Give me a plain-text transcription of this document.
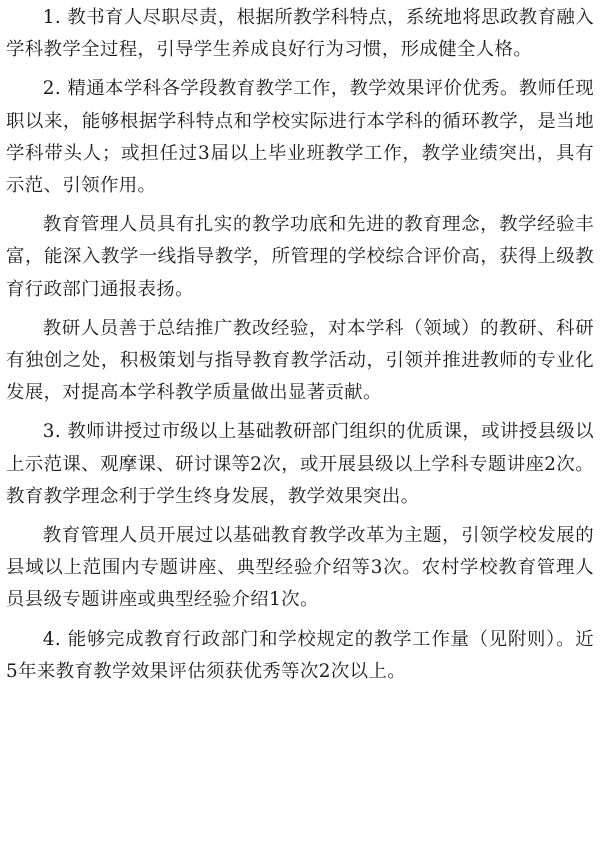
1. 教书育人尽职尽责，根据所教学科特点，系统地将思政教育融入学科教学全过程，引导学生养成良好行为习惯，形成健全人格。

2. 精通本学科各学段教育教学工作，教学效果评价优秀。教师任现职以来，能够根据学科特点和学校实际进行本学科的循环教学，是当地学科带头人；或担任过3届以上毕业班教学工作，教学业绩突出，具有示范、引领作用。

教育管理人员具有扎实的教学功底和先进的教育理念，教学经验丰富，能深入教学一线指导教学，所管理的学校综合评价高，获得上级教育行政部门通报表扬。

教研人员善于总结推广教改经验，对本学科（领域）的教研、科研有独创之处，积极策划与指导教育教学活动，引领并推进教师的专业化发展，对提高本学科教学质量做出显著贡献。

3. 教师讲授过市级以上基础教研部门组织的优质课，或讲授县级以上示范课、观摩课、研讨课等2次，或开展县级以上学科专题讲座2次。教育教学理念利于学生终身发展，教学效果突出。

教育管理人员开展过以基础教育教学改革为主题，引领学校发展的县域以上范围内专题讲座、典型经验介绍等3次。农村学校教育管理人员县级专题讲座或典型经验介绍1次。

4. 能够完成教育行政部门和学校规定的教学工作量（见附则）。近5年来教育教学效果评估须获优秀等次2次以上。
